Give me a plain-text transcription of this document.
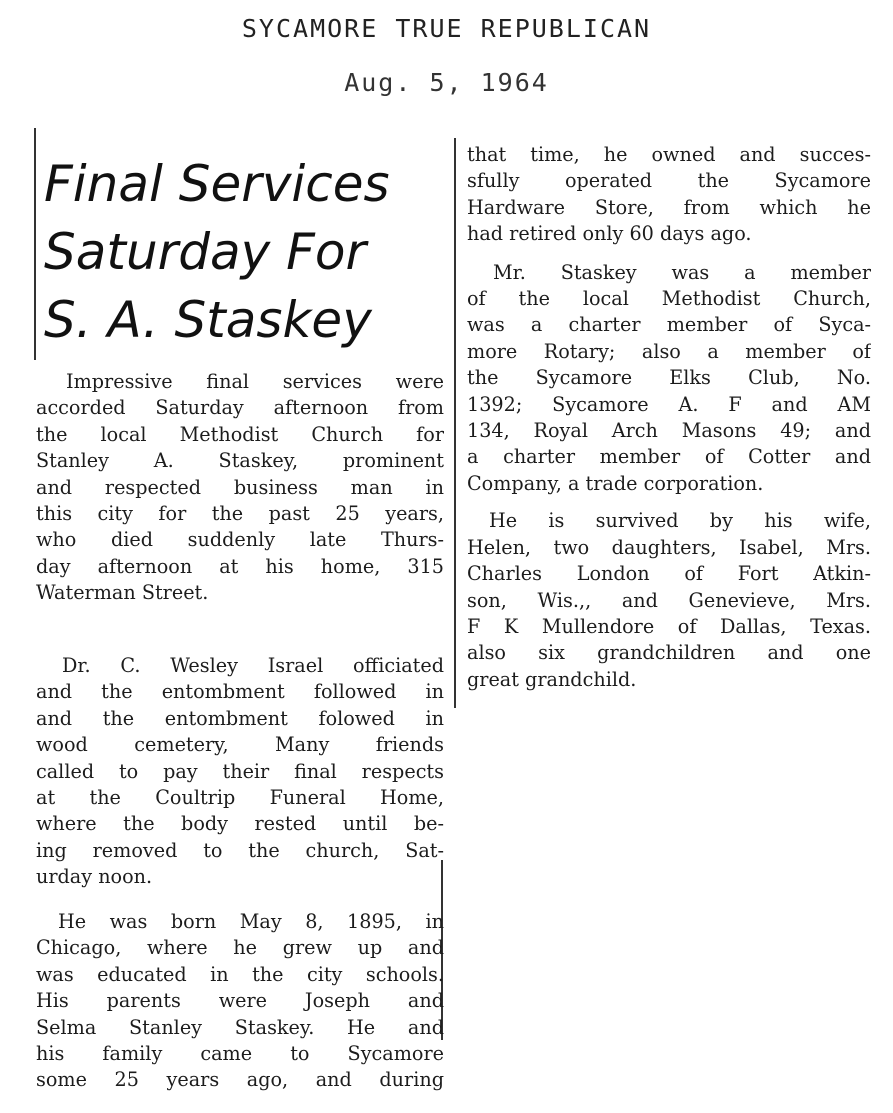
SYCAMORE TRUE REPUBLICAN
Aug. 5, 1964
Final Services
Saturday For
S. A. Staskey
Impressive final services were
accorded Saturday afternoon from
the local Methodist Church for
Stanley A. Staskey, prominent
and respected business man in
this city for the past 25 years,
who died suddenly late Thurs-
day afternoon at his home, 315
Waterman Street.
Dr. C. Wesley Israel officiated
and the entombment followed in
and the entombment folowed in
wood cemetery, Many friends
called to pay their final respects
at the Coultrip Funeral Home,
where the body rested until be-
ing removed to the church, Sat-
urday noon.
He was born May 8, 1895, in
Chicago, where he grew up and
was educated in the city schools.
His parents were Joseph and
Selma Stanley Staskey. He and
his family came to Sycamore
some 25 years ago, and during
that time, he owned and succes-
sfully operated the Sycamore
Hardware Store, from which he
had retired only 60 days ago.
Mr. Staskey was a member
of the local Methodist Church,
was a charter member of Syca-
more Rotary; also a member of
the Sycamore Elks Club, No.
1392; Sycamore A. F and AM
134, Royal Arch Masons 49; and
a charter member of Cotter and
Company, a trade corporation.
He is survived by his wife,
Helen, two daughters, Isabel, Mrs.
Charles London of Fort Atkin-
son, Wis.,, and Genevieve, Mrs.
F K Mullendore of Dallas, Texas.
also six grandchildren and one
great grandchild.
